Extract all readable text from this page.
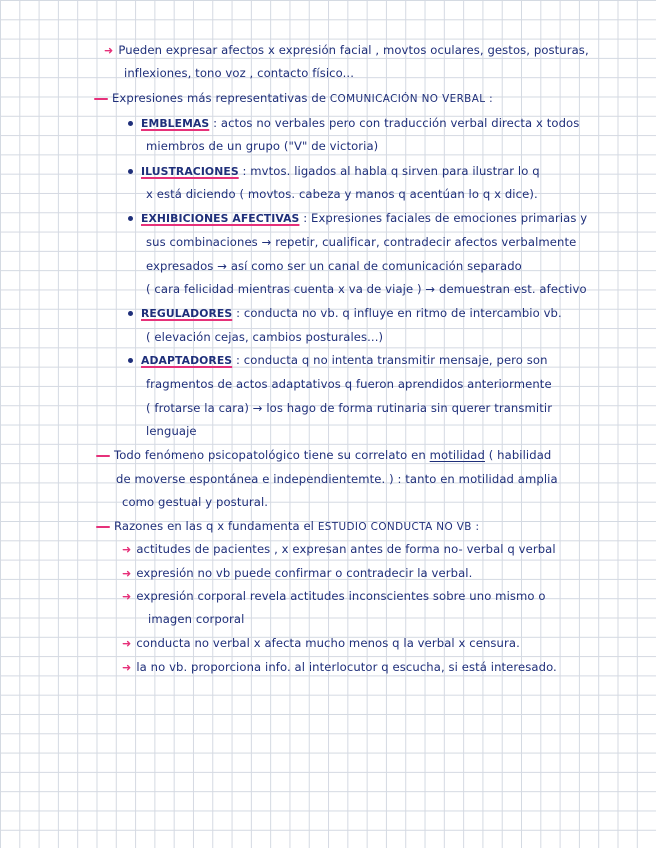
➜ Pueden expresar afectos x expresión facial , movtos oculares, gestos, posturas,
inflexiones, tono voz , contacto físico...
Expresiones más representativas de COMUNICACIÓN NO VERBAL :
EMBLEMAS : actos no verbales pero con traducción verbal directa x todos
miembros de un grupo ("V" de victoria)
ILUSTRACIONES : mvtos. ligados al habla q sirven para ilustrar lo q
x está diciendo ( movtos. cabeza y manos q acentúan lo q x dice).
EXHIBICIONES AFECTIVAS : Expresiones faciales de emociones primarias y
sus combinaciones → repetir, cualificar, contradecir afectos verbalmente
expresados → así como ser un canal de comunicación separado
( cara felicidad mientras cuenta x va de viaje ) → demuestran est. afectivo
REGULADORES : conducta no vb. q influye en ritmo de intercambio vb.
( elevación cejas, cambios posturales...)
ADAPTADORES : conducta q no intenta transmitir mensaje, pero son
fragmentos de actos adaptativos q fueron aprendidos anteriormente
( frotarse la cara) → los hago de forma rutinaria sin querer transmitir
lenguaje
Todo fenómeno psicopatológico tiene su correlato en motilidad ( habilidad
de moverse espontánea e independientemte. ) : tanto en motilidad amplia
como gestual y postural.
Razones en las q x fundamenta el ESTUDIO CONDUCTA NO VB :
➜ actitudes de pacientes , x expresan antes de forma no- verbal q verbal
➜ expresión no vb puede confirmar o contradecir la verbal.
➜ expresión corporal revela actitudes inconscientes sobre uno mismo o
imagen corporal
➜ conducta no verbal x afecta mucho menos q la verbal x censura.
➜ la no vb. proporciona info. al interlocutor q escucha, si está interesado.
